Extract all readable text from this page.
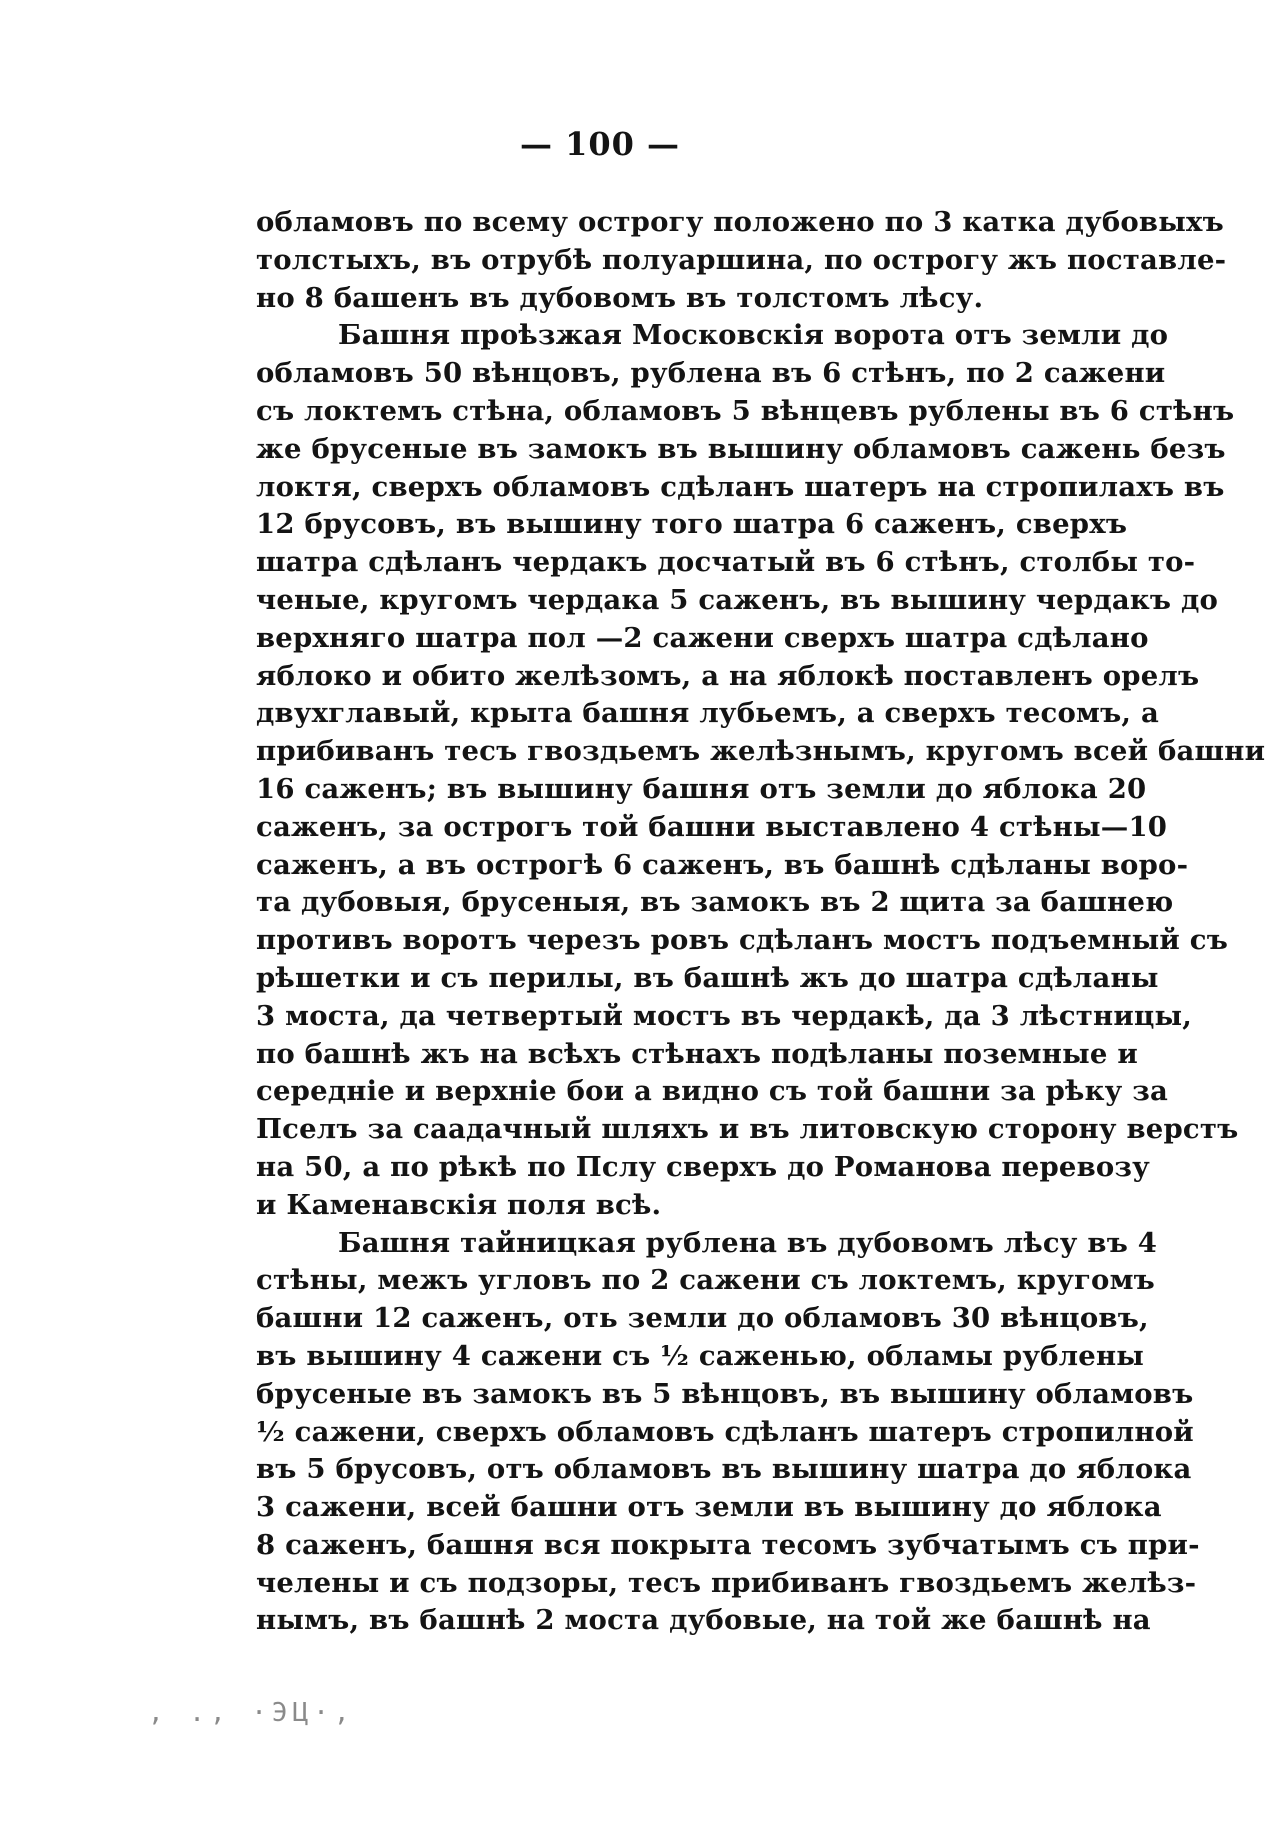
— 100 —
обламовъ по всему острогу положено по 3 катка дубовыхъ
толстыхъ, въ отрубѣ полуаршина, по острогу жъ поставле-
но 8 башенъ въ дубовомъ въ толстомъ лѣсу.
Башня проѣзжая Московскія ворота отъ земли до
обламовъ 50 вѣнцовъ, рублена въ 6 стѣнъ, по 2 сажени
съ локтемъ стѣна, обламовъ 5 вѣнцевъ рублены въ 6 стѣнъ
же брусеные въ замокъ въ вышину обламовъ сажень безъ
локтя, сверхъ обламовъ сдѣланъ шатеръ на стропилахъ въ
12 брусовъ, въ вышину того шатра 6 саженъ, сверхъ
шатра сдѣланъ чердакъ досчатый въ 6 стѣнъ, столбы то-
ченые, кругомъ чердака 5 саженъ, въ вышину чердакъ до
верхняго шатра пол —2 сажени сверхъ шатра сдѣлано
яблоко и обито желѣзомъ, а на яблокѣ поставленъ орелъ
двухглавый, крыта башня лубьемъ, а сверхъ тесомъ, а
прибиванъ тесъ гвоздьемъ желѣзнымъ, кругомъ всей башни
16 саженъ; въ вышину башня отъ земли до яблока 20
саженъ, за острогъ той башни выставлено 4 стѣны—10
саженъ, а въ острогѣ 6 саженъ, въ башнѣ сдѣланы воро-
та дубовыя, брусеныя, въ замокъ въ 2 щита за башнею
противъ воротъ черезъ ровъ сдѣланъ мостъ подъемный съ
рѣшетки и съ перилы, въ башнѣ жъ до шатра сдѣланы
3 моста, да четвертый мостъ въ чердакѣ, да 3 лѣстницы,
по башнѣ жъ на всѣхъ стѣнахъ подѣланы поземные и
середніе и верхніе бои а видно съ той башни за рѣку за
Пселъ за саадачный шляхъ и въ литовскую сторону верстъ
на 50, а по рѣкѣ по Пслу сверхъ до Романова перевозу
и Каменавскія поля всѣ.
Башня тайницкая рублена въ дубовомъ лѣсу въ 4
стѣны, межъ угловъ по 2 сажени съ локтемъ, кругомъ
башни 12 саженъ, оть земли до обламовъ 30 вѣнцовъ,
въ вышину 4 сажени съ ½ саженью, обламы рублены
брусеные въ замокъ въ 5 вѣнцовъ, въ вышину обламовъ
½ сажени, сверхъ обламовъ сдѣланъ шатеръ стропилной
въ 5 брусовъ, отъ обламовъ въ вышину шатра до яблока
3 сажени, всей башни отъ земли въ вышину до яблока
8 саженъ, башня вся покрыта тесомъ зубчатымъ съ при-
челены и съ подзоры, тесъ прибиванъ гвоздьемъ желѣз-
нымъ, въ башнѣ 2 моста дубовые, на той же башнѣ на
‚ ., ·ЭЦ·,
